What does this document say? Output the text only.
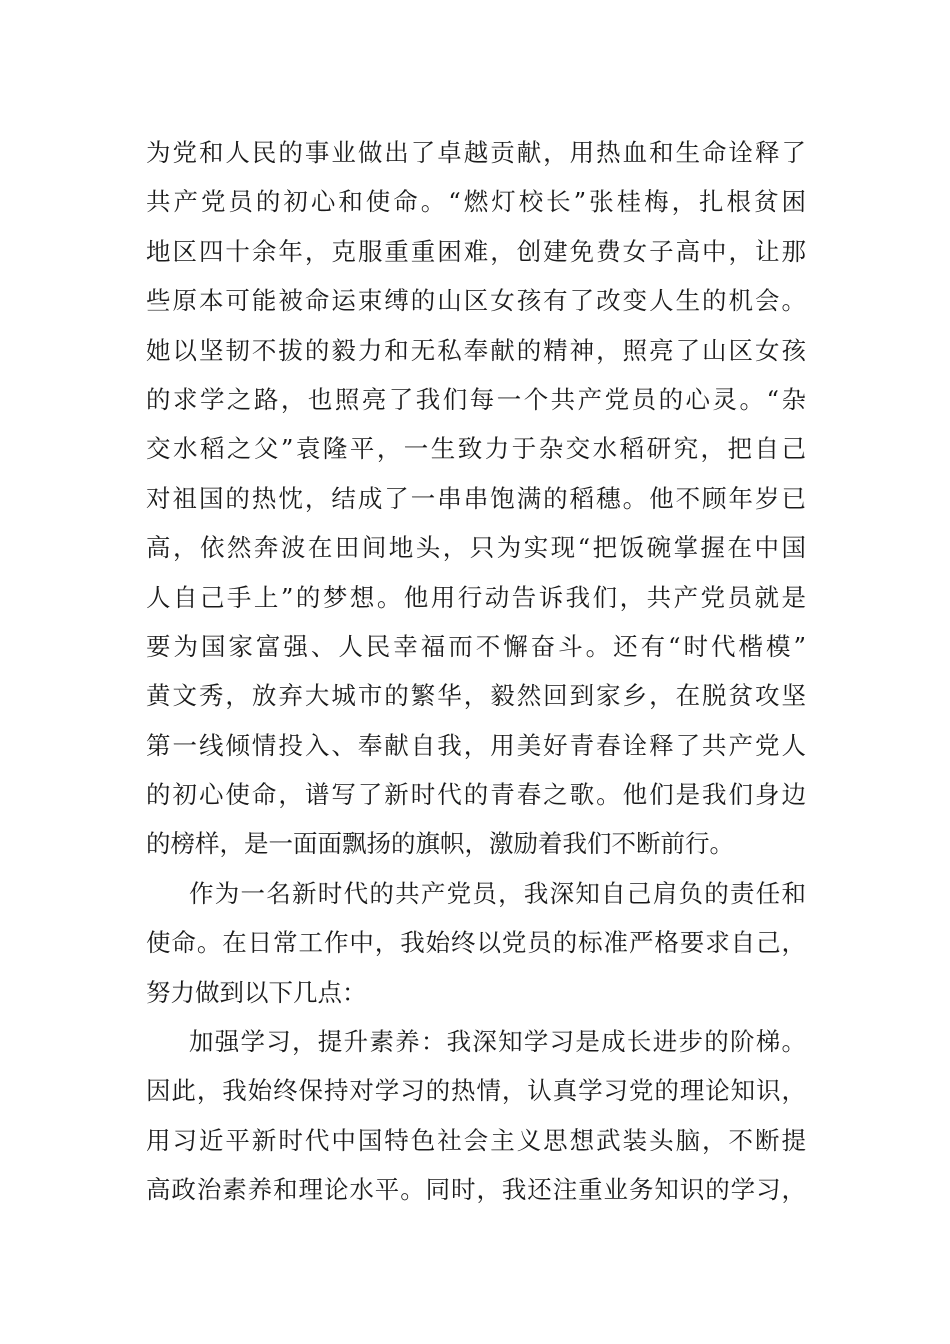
为党和人民的事业做出了卓越贡献，用热血和生命诠释了
共产党员的初心和使命。“燃灯校长”张桂梅，扎根贫困
地区四十余年，克服重重困难，创建免费女子高中，让那
些原本可能被命运束缚的山区女孩有了改变人生的机会。
她以坚韧不拔的毅力和无私奉献的精神，照亮了山区女孩
的求学之路，也照亮了我们每一个共产党员的心灵。“杂
交水稻之父”袁隆平，一生致力于杂交水稻研究，把自己
对祖国的热忱，结成了一串串饱满的稻穗。他不顾年岁已
高，依然奔波在田间地头，只为实现“把饭碗掌握在中国
人自己手上”的梦想。他用行动告诉我们，共产党员就是
要为国家富强、人民幸福而不懈奋斗。还有“时代楷模”
黄文秀，放弃大城市的繁华，毅然回到家乡，在脱贫攻坚
第一线倾情投入、奉献自我，用美好青春诠释了共产党人
的初心使命，谱写了新时代的青春之歌。他们是我们身边
的榜样，是一面面飘扬的旗帜，激励着我们不断前行。
作为一名新时代的共产党员，我深知自己肩负的责任和
使命。在日常工作中，我始终以党员的标准严格要求自己，
努力做到以下几点：
加强学习，提升素养：我深知学习是成长进步的阶梯。
因此，我始终保持对学习的热情，认真学习党的理论知识，
用习近平新时代中国特色社会主义思想武装头脑，不断提
高政治素养和理论水平。同时，我还注重业务知识的学习，
